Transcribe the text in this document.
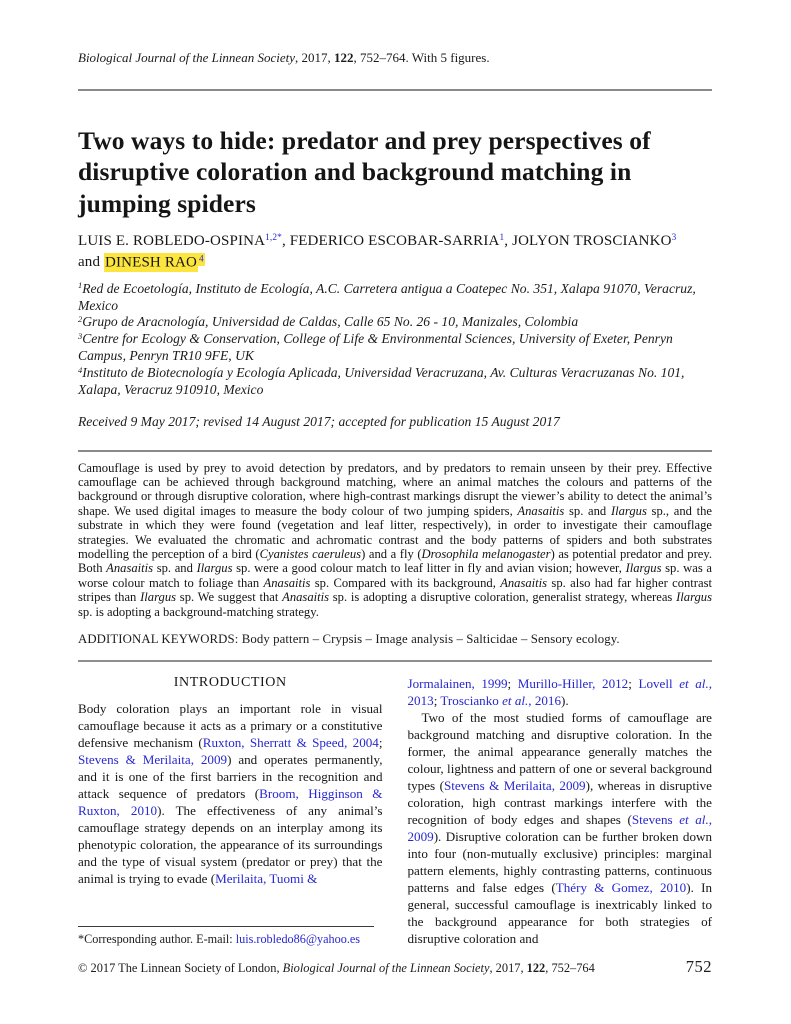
Biological Journal of the Linnean Society, 2017, 122, 752–764. With 5 figures.
Two ways to hide: predator and prey perspectives of disruptive coloration and background matching in jumping spiders
LUIS E. ROBLEDO-$OSPINA^{1,2*}$, FEDERICO ESCOBAR-SARRIA$^1$, JOLYON TROSCIANKO$^3$
and DINESH RAO $^4$
$^1$Red de Ecoetología, Instituto de Ecología, A.C. Carretera antigua a Coatepec No. 351, Xalapa 91070, Veracruz, Mexico
$^2$Grupo de Aracnología, Universidad de Caldas, Calle 65 No. 26 - 10, Manizales, Colombia
$^3$Centre for Ecology & Conservation, College of Life & Environmental Sciences, University of Exeter, Penryn Campus, Penryn TR10 9FE, UK
$^4$Instituto de Biotecnología y Ecología Aplicada, Universidad Veracruzana, Av. Culturas Veracruzanas No. 101, Xalapa, Veracruz 910910, Mexico
Received 9 May 2017; revised 14 August 2017; accepted for publication 15 August 2017
Camouflage is used by prey to avoid detection by predators, and by predators to remain unseen by their prey. Effective camouflage can be achieved through background matching, where an animal matches the colours and patterns of the background or through disruptive coloration, where high-contrast markings disrupt the viewer’s ability to detect the animal’s shape. We used digital images to measure the body colour of two jumping spiders, Anasaitis sp. and Ilargus sp., and the substrate in which they were found (vegetation and leaf litter, respectively), in order to investigate their camouflage strategies. We evaluated the chromatic and achromatic contrast and the body patterns of spiders and both substrates modelling the perception of a bird (Cyanistes caeruleus) and a fly (Drosophila melanogaster) as potential predator and prey. Both Anasaitis sp. and Ilargus sp. were a good colour match to leaf litter in fly and avian vision; however, Ilargus sp. was a worse colour match to foliage than Anasaitis sp. Compared with its background, Anasaitis sp. also had far higher contrast stripes than Ilargus sp. We suggest that Anasaitis sp. is adopting a disruptive coloration, generalist strategy, whereas Ilargus sp. is adopting a background-matching strategy.
ADDITIONAL KEYWORDS: Body pattern – Crypsis – Image analysis – Salticidae – Sensory ecology.
INTRODUCTION
Body coloration plays an important role in visual camouflage because it acts as a primary or a constitutive defensive mechanism (Ruxton, Sherratt & Speed, 2004; Stevens & Merilaita, 2009) and operates permanently, and it is one of the first barriers in the recognition and attack sequence of predators (Broom, Higginson & Ruxton, 2010). The effectiveness of any animal’s camouflage strategy depends on an interplay among its phenotypic coloration, the appearance of its surroundings and the type of visual system (predator or prey) that the animal is trying to evade (Merilaita, Tuomi &
*Corresponding author. E-mail: luis.robledo86@yahoo.es
Jormalainen, 1999; Murillo-Hiller, 2012; Lovell et al., 2013; Troscianko et al., 2016).
Two of the most studied forms of camouflage are background matching and disruptive coloration. In the former, the animal appearance generally matches the colour, lightness and pattern of one or several background types (Stevens & Merilaita, 2009), whereas in disruptive coloration, high contrast markings interfere with the recognition of body edges and shapes (Stevens et al., 2009). Disruptive coloration can be further broken down into four (non-mutually exclusive) principles: marginal pattern elements, highly contrasting patterns, continuous patterns and false edges (Théry & Gomez, 2010). In general, successful camouflage is inextricably linked to the background appearance for both strategies of disruptive coloration and
© 2017 The Linnean Society of London, Biological Journal of the Linnean Society, 2017, 122, 752–764	752
